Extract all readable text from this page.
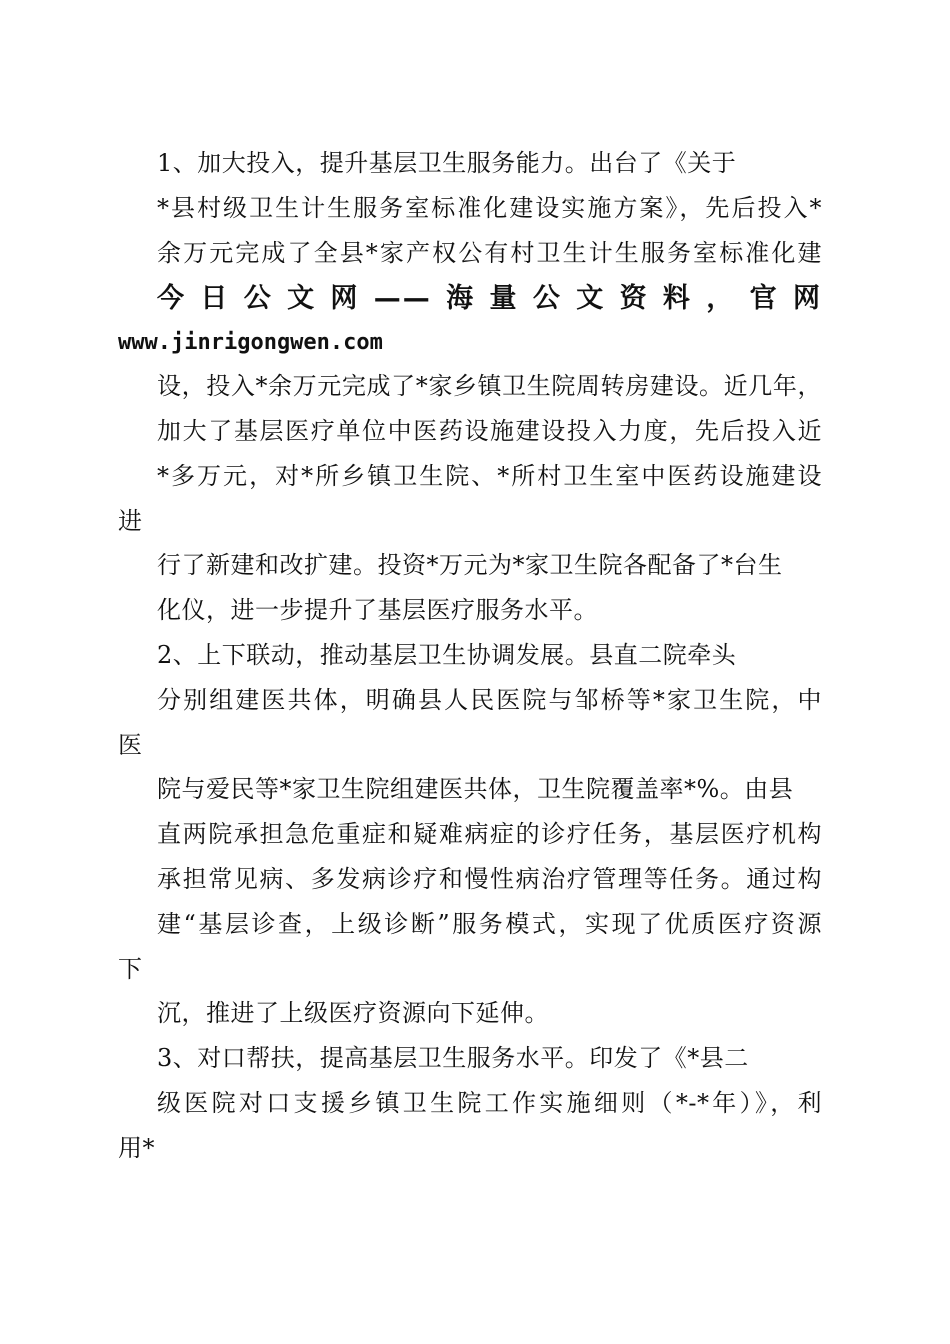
1、加大投入，提升基层卫生服务能力。出台了《关于
*县村级卫生计生服务室标准化建设实施方案》，先后投入*
余万元完成了全县*家产权公有村卫生计生服务室标准化建
今日公文网——海量公文资料，官网
www.jinrigongwen.com
设，投入*余万元完成了*家乡镇卫生院周转房建设。近几年，
加大了基层医疗单位中医药设施建设投入力度，先后投入近
*多万元，对*所乡镇卫生院、*所村卫生室中医药设施建设
进
行了新建和改扩建。投资*万元为*家卫生院各配备了*台生
化仪，进一步提升了基层医疗服务水平。
2、上下联动，推动基层卫生协调发展。县直二院牵头
分别组建医共体，明确县人民医院与邹桥等*家卫生院，中
医
院与爱民等*家卫生院组建医共体，卫生院覆盖率*%。由县
直两院承担急危重症和疑难病症的诊疗任务，基层医疗机构
承担常见病、多发病诊疗和慢性病治疗管理等任务。通过构
建“基层诊查，上级诊断”服务模式，实现了优质医疗资源
下
沉，推进了上级医疗资源向下延伸。
3、对口帮扶，提高基层卫生服务水平。印发了《*县二
级医院对口支援乡镇卫生院工作实施细则（*-*年）》，利
用*
